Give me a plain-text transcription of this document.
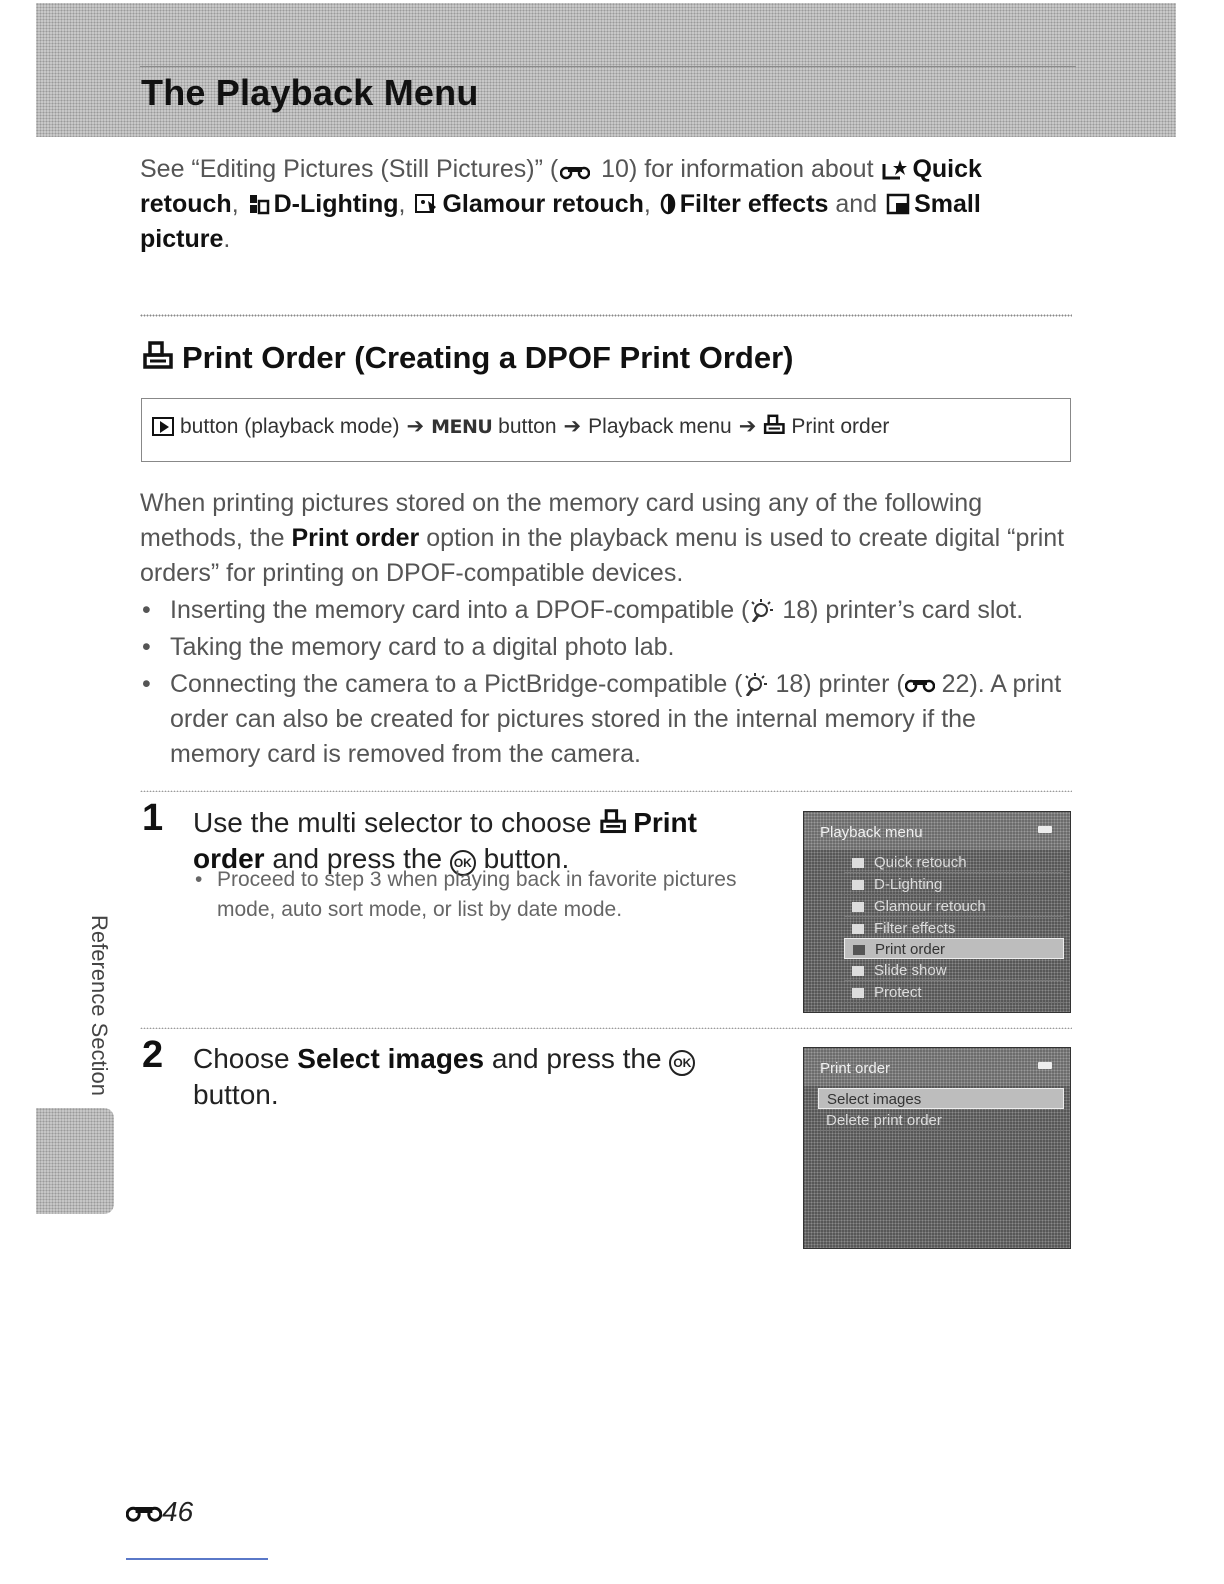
The Playback Menu
See “Editing Pictures (Still Pictures)” ( 10) for information about Quick retouch, D-Lighting, Glamour retouch, Filter effects and Small picture.
Print Order (Creating a DPOF Print Order)
button (playback mode) ➔ MENU button ➔ Playback menu ➔ Print order
When printing pictures stored on the memory card using any of the following methods, the Print order option in the playback menu is used to create digital “print orders” for printing on DPOF-compatible devices.
• Inserting the memory card into a DPOF-compatible ( 18) printer’s card slot.
• Taking the memory card to a digital photo lab.
• Connecting the camera to a PictBridge-compatible ( 18) printer ( 22). A print order can also be created for pictures stored in the internal memory if the memory card is removed from the camera.
1 Use the multi selector to choose Print order and press the OK button.
• Proceed to step 3 when playing back in favorite pictures mode, auto sort mode, or list by date mode.
Playback menu
Quick retouch
D-Lighting
Glamour retouch
Filter effects
Print order
Slide show
Protect
2 Choose Select images and press the OK button.
Print order
Select images
Delete print order
Reference Section
46
